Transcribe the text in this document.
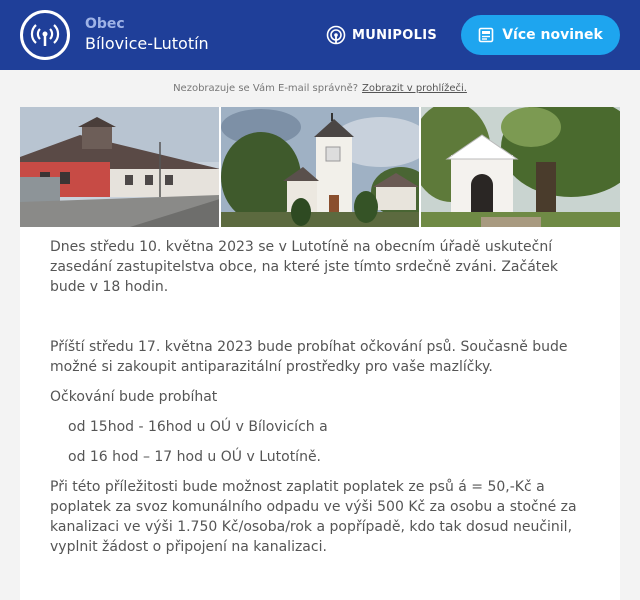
Obec
Bílovice-Lutotín	MUNIPOLIS	Více novinek
Nezobrazuje se Vám E-mail správně? Zobrazit v prohlížeči.

Dnes středu 10. května 2023 se v Lutotíně na obecním úřadě uskuteční zasedání zastupitelstva obce, na které jste tímto srdečně zváni. Začátek bude v 18 hodin.

Příští středu 17. května 2023 bude probíhat očkování psů. Současně bude možné si zakoupit antiparazitální prostředky pro vaše mazlíčky.

Očkování bude probíhat

od 15hod - 16hod u OÚ v Bílovicích a

od 16 hod – 17 hod u OÚ v Lutotíně.

Při této příležitosti bude možnost zaplatit poplatek ze psů á = 50,-Kč a poplatek za svoz komunálního odpadu ve výši 500 Kč za osobu a stočné za kanalizaci ve výši 1.750 Kč/osoba/rok a popřípadě, kdo tak dosud neučinil, vyplnit žádost o připojení na kanalizaci.
